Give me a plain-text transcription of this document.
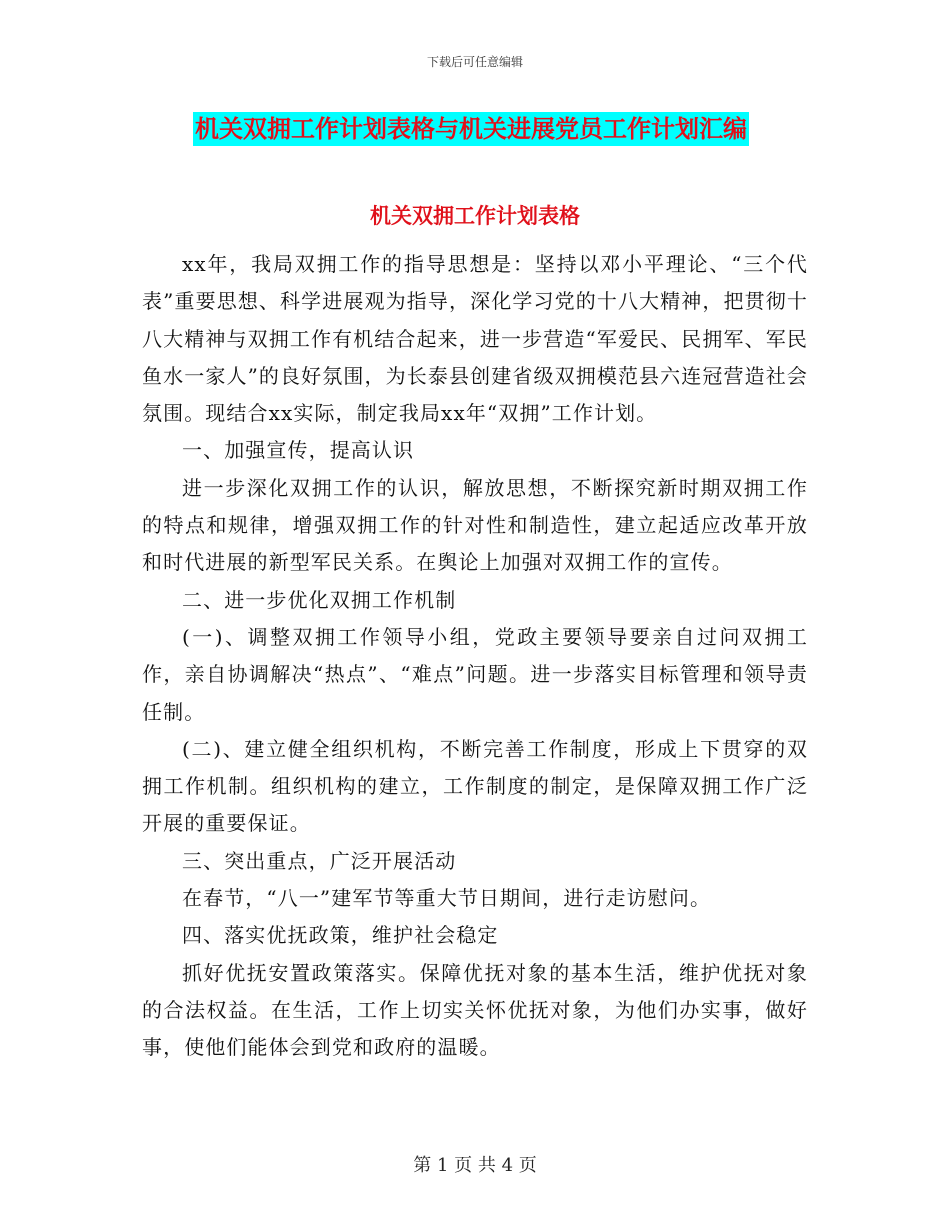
下载后可任意编辑
机关双拥工作计划表格与机关进展党员工作计划汇编
机关双拥工作计划表格

xx年，我局双拥工作的指导思想是：坚持以邓小平理论、“三个代表”重要思想、科学进展观为指导，深化学习党的十八大精神，把贯彻十八大精神与双拥工作有机结合起来，进一步营造“军爱民、民拥军、军民鱼水一家人”的良好氛围，为长泰县创建省级双拥模范县六连冠营造社会氛围。现结合xx实际，制定我局xx年“双拥”工作计划。

一、加强宣传，提高认识

进一步深化双拥工作的认识，解放思想，不断探究新时期双拥工作的特点和规律，增强双拥工作的针对性和制造性，建立起适应改革开放和时代进展的新型军民关系。在舆论上加强对双拥工作的宣传。

二、进一步优化双拥工作机制

(一)、调整双拥工作领导小组，党政主要领导要亲自过问双拥工作，亲自协调解决“热点”、“难点”问题。进一步落实目标管理和领导责任制。

(二)、建立健全组织机构，不断完善工作制度，形成上下贯穿的双拥工作机制。组织机构的建立，工作制度的制定，是保障双拥工作广泛开展的重要保证。

三、突出重点，广泛开展活动

在春节，“八一”建军节等重大节日期间，进行走访慰问。

四、落实优抚政策，维护社会稳定

抓好优抚安置政策落实。保障优抚对象的基本生活，维护优抚对象的合法权益。在生活，工作上切实关怀优抚对象，为他们办实事，做好事，使他们能体会到党和政府的温暖。

第 1 页 共 4 页
